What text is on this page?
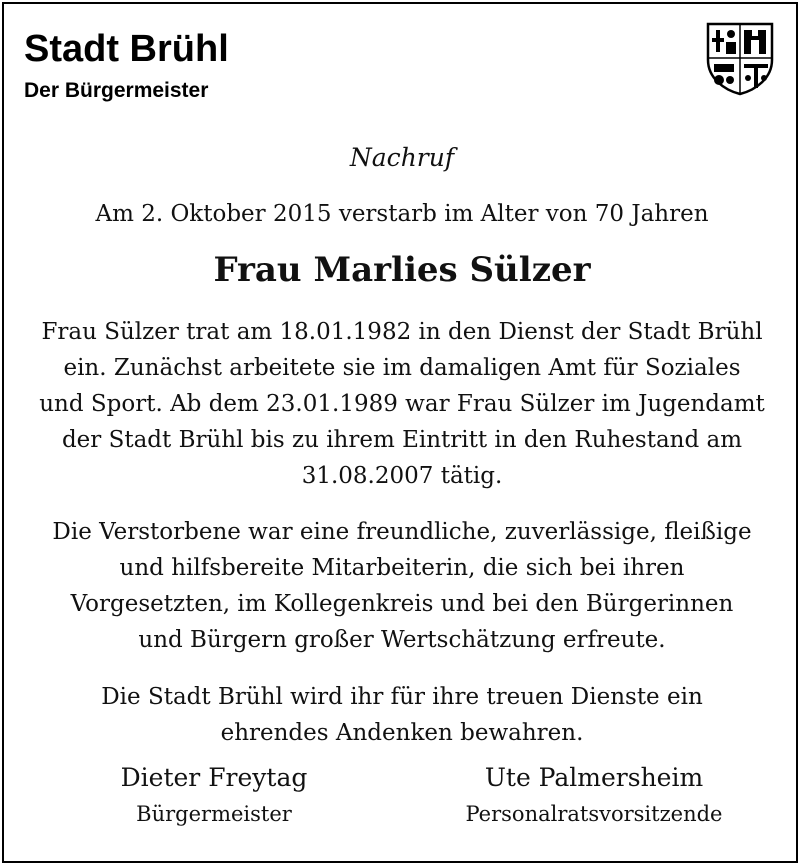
Stadt Brühl
Der Bürgermeister
Nachruf
Am 2. Oktober 2015 verstarb im Alter von 70 Jahren
Frau Marlies Sülzer
Frau Sülzer trat am 18.01.1982 in den Dienst der Stadt Brühl
ein. Zunächst arbeitete sie im damaligen Amt für Soziales
und Sport. Ab dem 23.01.1989 war Frau Sülzer im Jugendamt
der Stadt Brühl bis zu ihrem Eintritt in den Ruhestand am
31.08.2007 tätig.
Die Verstorbene war eine freundliche, zuverlässige, fleißige
und hilfsbereite Mitarbeiterin, die sich bei ihren
Vorgesetzten, im Kollegenkreis und bei den Bürgerinnen
und Bürgern großer Wertschätzung erfreute.
Die Stadt Brühl wird ihr für ihre treuen Dienste ein
ehrendes Andenken bewahren.
Dieter Freytag
Bürgermeister
Ute Palmersheim
Personalratsvorsitzende
